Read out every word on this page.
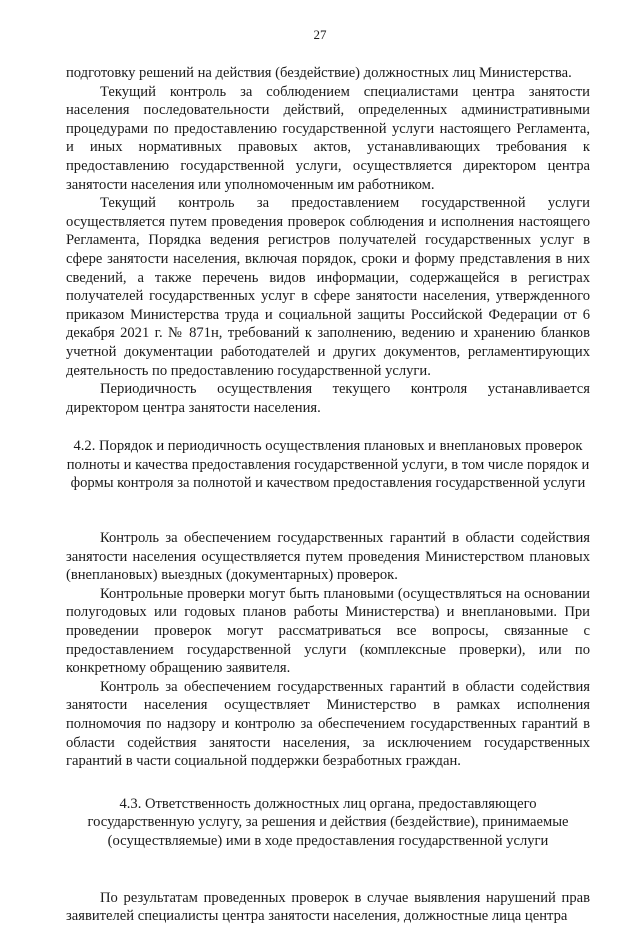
27

подготовку решений на действия (бездействие) должностных лиц Министерства.

Текущий контроль за соблюдением специалистами центра занятости населения последовательности действий, определенных административными процедурами по предоставлению государственной услуги настоящего Регламента, и иных нормативных правовых актов, устанавливающих требования к предоставлению государственной услуги, осуществляется директором центра занятости населения или уполномоченным им работником.

Текущий контроль за предоставлением государственной услуги осуществляется путем проведения проверок соблюдения и исполнения настоящего Регламента, Порядка ведения регистров получателей государственных услуг в сфере занятости населения, включая порядок, сроки и форму представления в них сведений, а также перечень видов информации, содержащейся в регистрах получателей государственных услуг в сфере занятости населения, утвержденного приказом Министерства труда и социальной защиты Российской Федерации от 6 декабря 2021 г. № 871н, требований к заполнению, ведению и хранению бланков учетной документации работодателей и других документов, регламентирующих деятельность по предоставлению государственной услуги.

Периодичность осуществления текущего контроля устанавливается директором центра занятости населения.

4.2. Порядок и периодичность осуществления плановых и внеплановых проверок полноты и качества предоставления государственной услуги, в том числе порядок и формы контроля за полнотой и качеством предоставления государственной услуги

Контроль за обеспечением государственных гарантий в области содействия занятости населения осуществляется путем проведения Министерством плановых (внеплановых) выездных (документарных) проверок.

Контрольные проверки могут быть плановыми (осуществляться на основании полугодовых или годовых планов работы Министерства) и внеплановыми. При проведении проверок могут рассматриваться все вопросы, связанные с предоставлением государственной услуги (комплексные проверки), или по конкретному обращению заявителя.

Контроль за обеспечением государственных гарантий в области содействия занятости населения осуществляет Министерство в рамках исполнения полномочия по надзору и контролю за обеспечением государственных гарантий в области содействия занятости населения, за исключением государственных гарантий в части социальной поддержки безработных граждан.

4.3. Ответственность должностных лиц органа, предоставляющего государственную услугу, за решения и действия (бездействие), принимаемые (осуществляемые) ими в ходе предоставления государственной услуги

По результатам проведенных проверок в случае выявления нарушений прав заявителей специалисты центра занятости населения, должностные лица центра
